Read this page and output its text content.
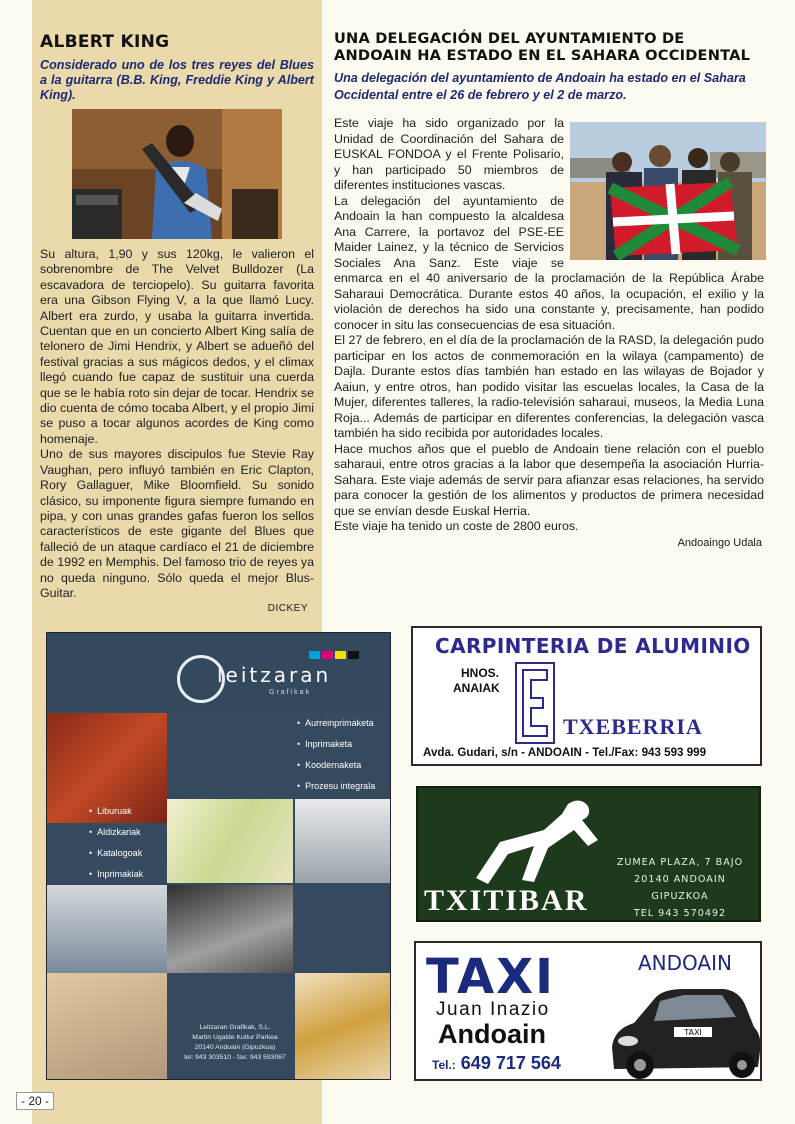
ALBERT KING
Considerado uno de los tres reyes del Blues a la guitarra (B.B. King, Freddie King y Albert King).

Su altura, 1,90 y sus 120kg, le valieron el sobrenombre de The Velvet Bulldozer (La escavadora de terciopelo). Su guitarra favorita era una Gibson Flying V, a la que llamó Lucy. Albert era zurdo, y usaba la guitarra invertida. Cuentan que en un concierto Albert King salía de telonero de Jimi Hendrix, y Albert se adueñó del festival gracias a sus mágicos dedos, y el climax llegó cuando fue capaz de sustituir una cuerda que se le había roto sin dejar de tocar. Hendrix se dio cuenta de cómo tocaba Albert, y el propio Jimi se puso a tocar algunos acordes de King como homenaje.

Uno de sus mayores discipulos fue Stevie Ray Vaughan, pero influyó también en Eric Clapton, Rory Gallaguer, Mike Bloomfield. Su sonido clásico, su imponente figura siempre fumando en pipa, y con unas grandes gafas fueron los sellos característicos de este gigante del Blues que falleció de un ataque cardíaco el 21 de diciembre de 1992 en Memphis. Del famoso trio de reyes ya no queda ninguno. Sólo queda el mejor Blus-Guitar.

DICKEY
UNA DELEGACIÓN DEL AYUNTAMIENTO DE ANDOAIN HA ESTADO EN EL SAHARA OCCIDENTAL
Una delegación del ayuntamiento de Andoain ha estado en el Sahara Occidental entre el 26 de febrero y el 2 de marzo.

Este viaje ha sido organizado por la Unidad de Coordinación del Sahara de EUSKAL FONDOA y el Frente Polisario, y han participado 50 miembros de diferentes instituciones vascas.

La delegación del ayuntamiento de Andoain la han compuesto la alcaldesa Ana Carrere, la portavoz del PSE-EE Maider Lainez, y la técnico de Servicios Sociales Ana Sanz. Este viaje se enmarca en el 40 aniversario de la proclamación de la República Árabe Saharaui Democrática. Durante estos 40 años, la ocupación, el exilio y la violación de derechos ha sido una constante y, precisamente, han podido conocer in situ las consecuencias de esa situación.

El 27 de febrero, en el día de la proclamación de la RASD, la delegación pudo participar en los actos de conmemoración en la wilaya (campamento) de Dajla. Durante estos días también han estado en las wilayas de Bojador y Aaiun, y entre otros, han podido visitar las escuelas locales, la Casa de la Mujer, diferentes talleres, la radio-televisión saharaui, museos, la Media Luna Roja... Además de participar en diferentes conferencias, la delegación vasca también ha sido recibida por autoridades locales.

Hace muchos años que el pueblo de Andoain tiene relación con el pueblo saharaui, entre otros gracias a la labor que desempeña la asociación Hurria-Sahara. Este viaje además de servir para afianzar esas relaciones, ha servido para conocer la gestión de los alimentos y productos de primera necesidad que se envían desde Euskal Herria.

Este viaje ha tenido un coste de 2800 euros.

Andoaingo Udala
leitzaran
Grafikak
• Aurreinprimaketa
• Inprimaketa
• Koodernaketa
• Prozesu integrala
• Liburuak
• Aldizkariak
• Katalogoak
• Inprimakiak
Leitzaran Grafikak, S.L.
Martin Ugalde Kultur Parkea
20140 Andoain (Gipuzkoa)
tel: 943 303510 - fax: 943 593067
CARPINTERIA DE ALUMINIO
HNOS.
ANAIAK
TXEBERRIA
Avda. Gudari, s/n - ANDOAIN - Tel./Fax: 943 593 999
TXITIBAR
ZUMEA PLAZA, 7 BAJO
20140 ANDOAIN
GIPUZKOA
TEL 943 570492
TAXI	ANDOAIN
Juan Inazio
Andoain
Tel.: 649 717 564
TAXI
- 20 -
